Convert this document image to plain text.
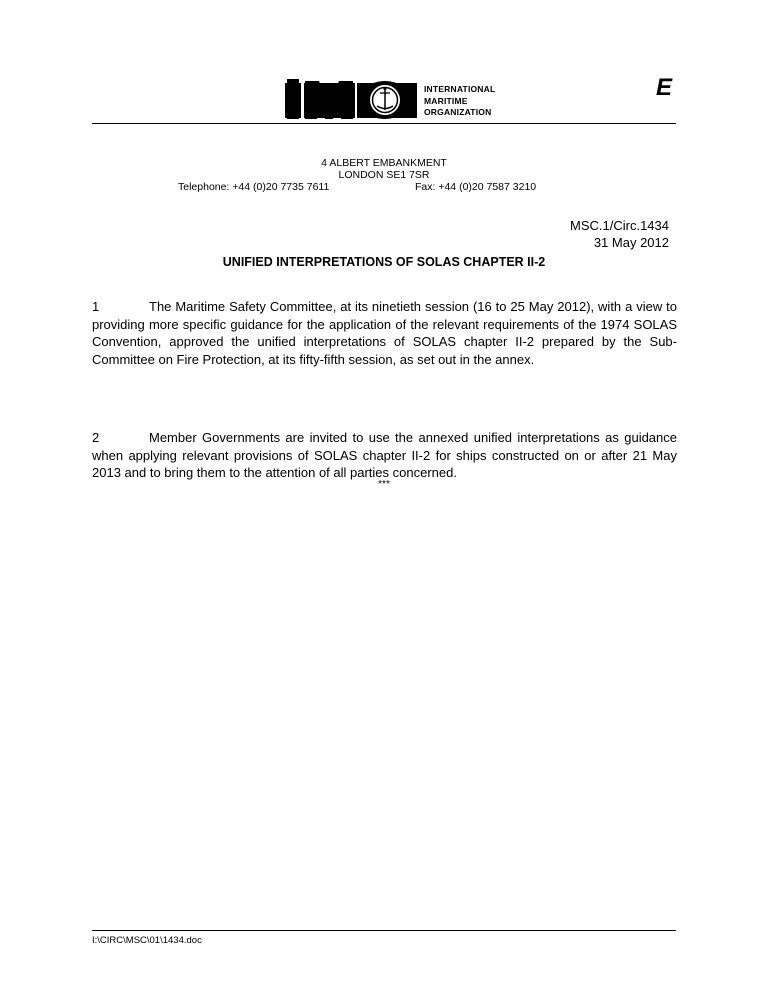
INTERNATIONAL
MARITIME
ORGANIZATION
E
4 ALBERT EMBANKMENT
LONDON SE1 7SR
Telephone: +44 (0)20 7735 7611	Fax: +44 (0)20 7587 3210
MSC.1/Circ.1434
31 May 2012
UNIFIED INTERPRETATIONS OF SOLAS CHAPTER II-2
1	The Maritime Safety Committee, at its ninetieth session (16 to 25 May 2012), with a view to providing more specific guidance for the application of the relevant requirements of the 1974 SOLAS Convention, approved the unified interpretations of SOLAS chapter II-2 prepared by the Sub-Committee on Fire Protection, at its fifty-fifth session, as set out in the annex.
2	Member Governments are invited to use the annexed unified interpretations as guidance when applying relevant provisions of SOLAS chapter II-2 for ships constructed on or after 21 May 2013 and to bring them to the attention of all parties concerned.
***
I:\CIRC\MSC\01\1434.doc
